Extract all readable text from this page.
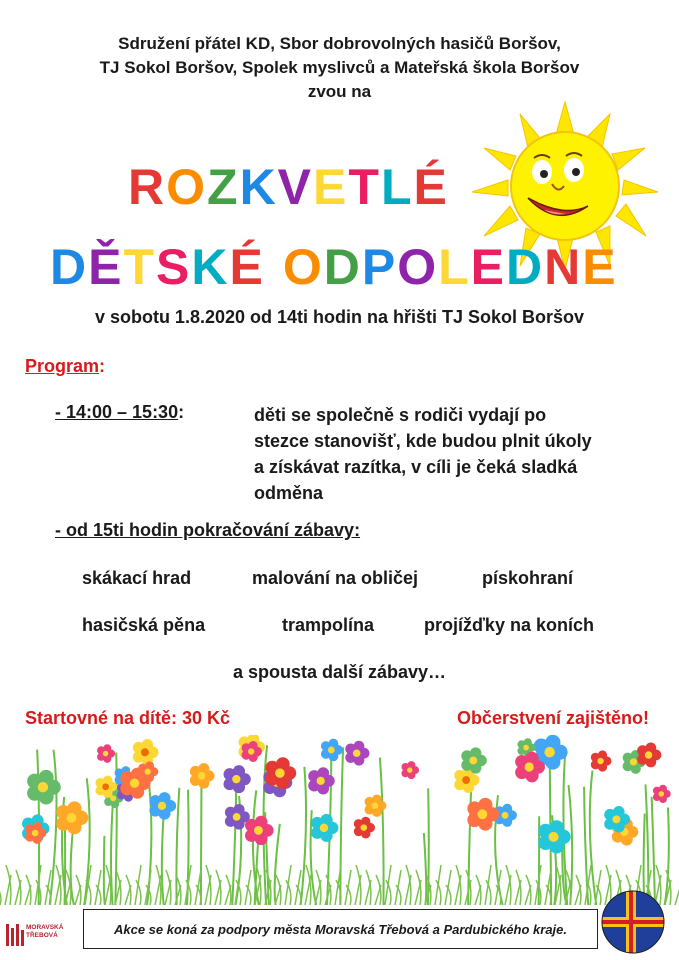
Sdružení přátel KD, Sbor dobrovolných hasičů Boršov,
TJ Sokol Boršov, Spolek myslivců a Mateřská škola Boršov
zvou na
ROZKVETLÉ
DĚTSKÉ ODPOLEDNE
v sobotu 1.8.2020 od 14ti hodin na hřišti TJ Sokol Boršov
Program:
- 14:00 – 15:30:	děti se společně s rodiči vydají po
stezce stanovišť, kde budou plnit úkoly
a získávat razítka, v cíli je čeká sladká
odměna
- od 15ti hodin pokračování zábavy:
skákací hrad	malování na obličej	pískohraní
hasičská pěna	trampolína	projížďky na koních
a spousta další zábavy…
Startovné na dítě: 30 Kč	Občerstvení zajištěno!
MORAVSKÁ
TŘEBOVÁ	Akce se koná za podpory města Moravská Třebová a Pardubického kraje.
